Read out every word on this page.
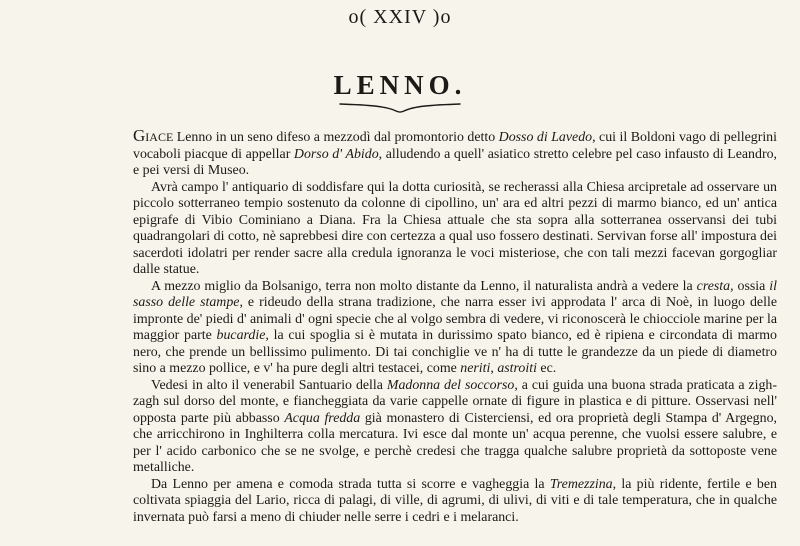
o( XXIV )o
LENNO.

Giace Lenno in un seno difeso a mezzodì dal promontorio detto Dosso di Lavedo, cui il Boldoni vago di pellegrini vocaboli piacque di appellar Dorso d' Abido, alludendo a quell' asiatico stretto celebre pel caso infausto di Leandro, e pei versi di Museo.

Avrà campo l' antiquario di soddisfare qui la dotta curiosità, se recherassi alla Chiesa arcipretale ad osservare un piccolo sotterraneo tempio sostenuto da colonne di cipollino, un' ara ed altri pezzi di marmo bianco, ed un' antica epigrafe di Vibio Cominiano a Diana. Fra la Chiesa attuale che sta sopra alla sotterranea osservansi dei tubi quadrangolari di cotto, nè saprebbesi dire con certezza a qual uso fossero destinati. Servivan forse all' impostura dei sacerdoti idolatri per render sacre alla credula ignoranza le voci misteriose, che con tali mezzi facevan gorgogliar dalle statue.

A mezzo miglio da Bolsanigo, terra non molto distante da Lenno, il naturalista andrà a vedere la cresta, ossia il sasso delle stampe, e rideudo della strana tradizione, che narra esser ivi approdata l' arca di Noè, in luogo delle impronte de' piedi d' animali d' ogni specie che al volgo sembra di vedere, vi riconoscerà le chiocciole marine per la maggior parte bucardie, la cui spoglia si è mutata in durissimo spato bianco, ed è ripiena e circondata di marmo nero, che prende un bellissimo pulimento. Di tai conchiglie ve n' ha di tutte le grandezze da un piede di diametro sino a mezzo pollice, e v' ha pure degli altri testacei, come neriti, astroiti ec.

Vedesi in alto il venerabil Santuario della Madonna del soccorso, a cui guida una buona strada praticata a zigh-zagh sul dorso del monte, e fiancheggiata da varie cappelle ornate di figure in plastica e di pitture. Osservasi nell' opposta parte più abbasso Acqua fredda già monastero di Cisterciensi, ed ora proprietà degli Stampa d' Argegno, che arricchirono in Inghilterra colla mercatura. Ivi esce dal monte un' acqua perenne, che vuolsi essere salubre, e per l' acido carbonico che se ne svolge, e perchè credesi che tragga qualche salubre proprietà da sottoposte vene metalliche.

Da Lenno per amena e comoda strada tutta si scorre e vagheggia la Tremezzina, la più ridente, fertile e ben coltivata spiaggia del Lario, ricca di palagi, di ville, di agrumi, di ulivi, di viti e di tale temperatura, che in qualche invernata può farsi a meno di chiuder nelle serre i cedri e i melaranci.
